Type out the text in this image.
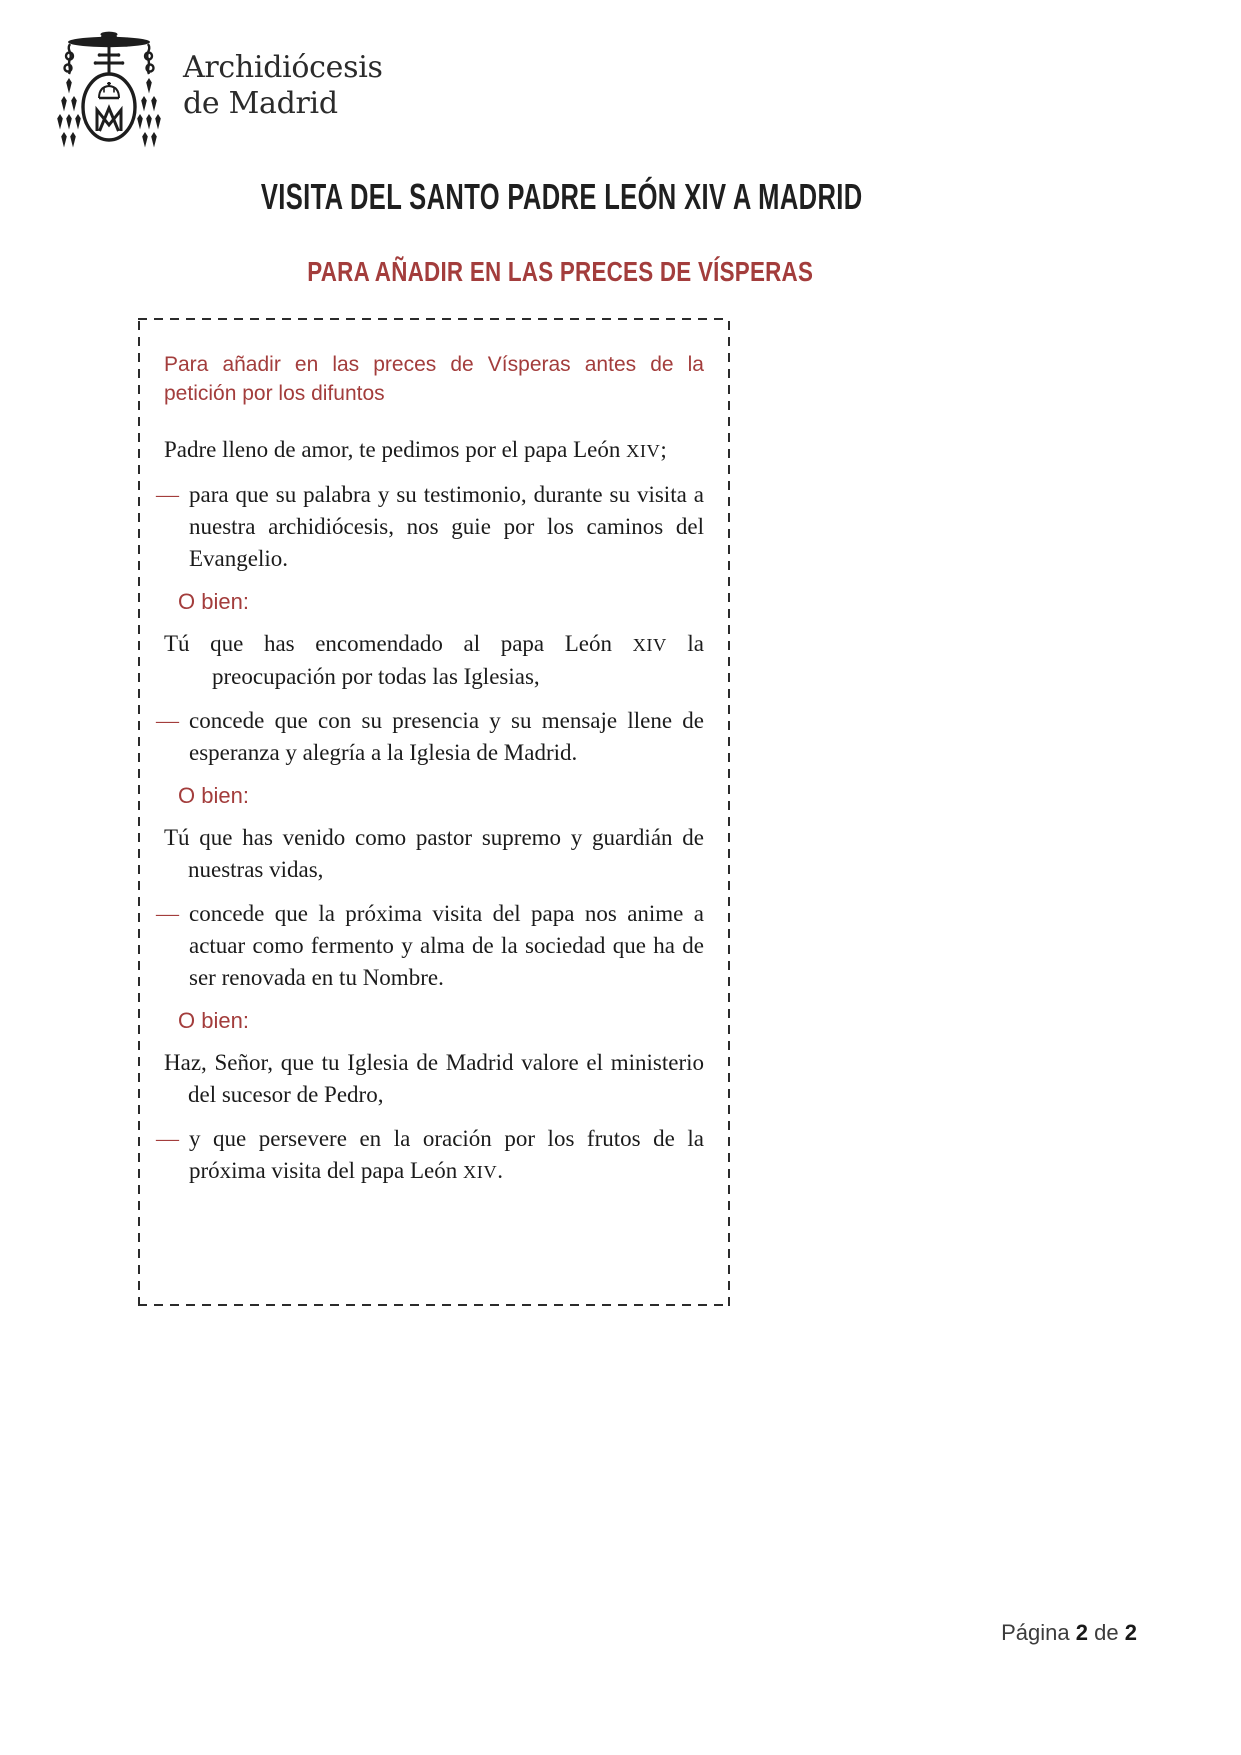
Archidiócesis
de Madrid
VISITA DEL SANTO PADRE LEÓN XIV A MADRID
PARA AÑADIR EN LAS PRECES DE VÍSPERAS

Para añadir en las preces de Vísperas antes de la petición por los difuntos

Padre lleno de amor, te pedimos por el papa León XIV;

— para que su palabra y su testimonio, durante su visita a nuestra archidiócesis, nos guie por los caminos del Evangelio.

O bien:

Tú que has encomendado al papa León XIV la preocupación por todas las Iglesias,

— concede que con su presencia y su mensaje llene de esperanza y alegría a la Iglesia de Madrid.

O bien:

Tú que has venido como pastor supremo y guardián de nuestras vidas,

— concede que la próxima visita del papa nos anime a actuar como fermento y alma de la sociedad que ha de ser renovada en tu Nombre.

O bien:

Haz, Señor, que tu Iglesia de Madrid valore el ministerio del sucesor de Pedro,

— y que persevere en la oración por los frutos de la próxima visita del papa León XIV.

Página 2 de 2
